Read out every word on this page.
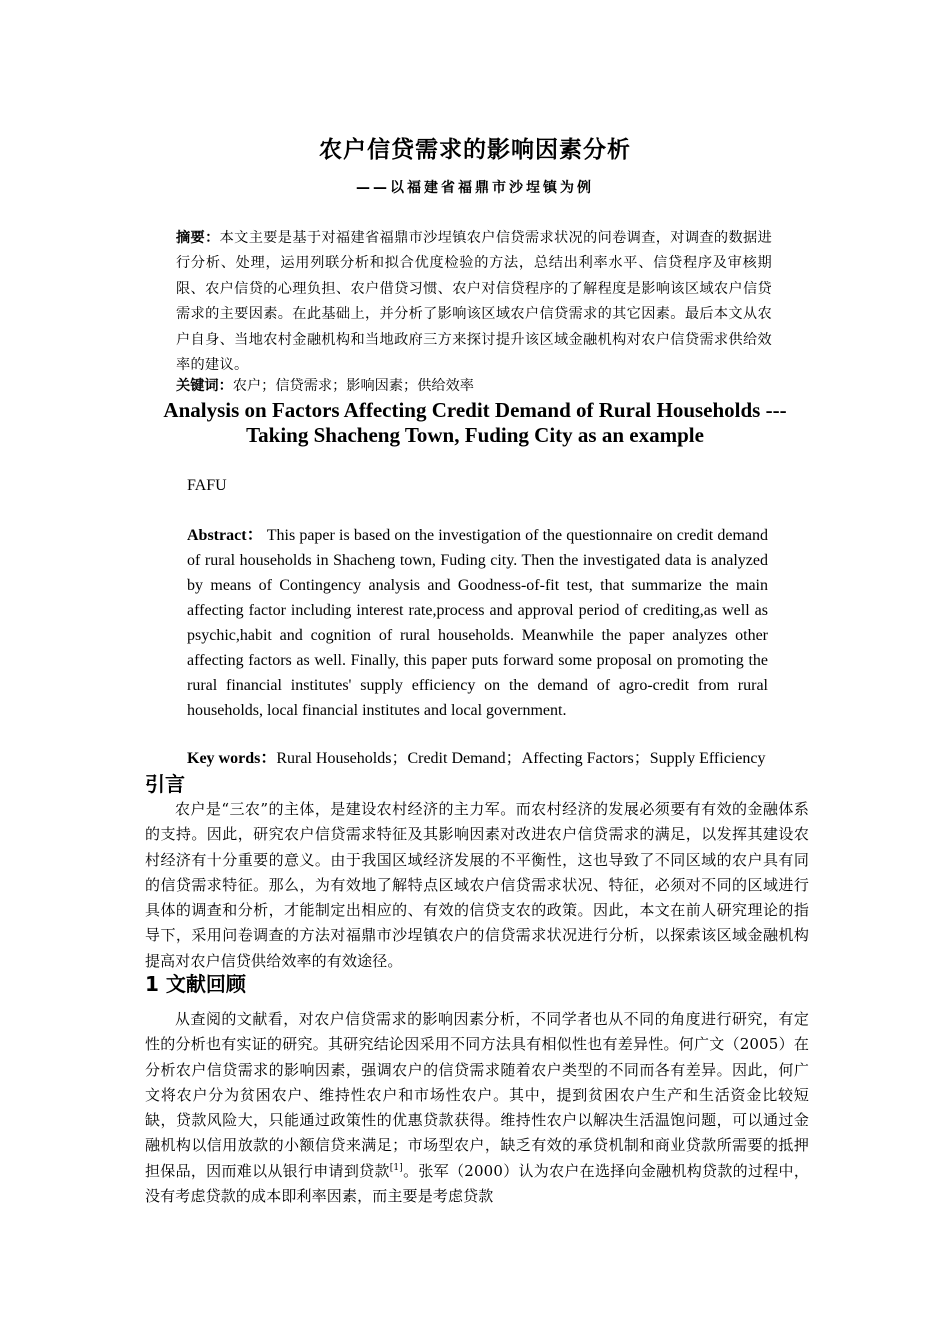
农户信贷需求的影响因素分析
——以福建省福鼎市沙埕镇为例
摘要：本文主要是基于对福建省福鼎市沙埕镇农户信贷需求状况的问卷调查，对调查的数据进行分析、处理，运用列联分析和拟合优度检验的方法，总结出利率水平、信贷程序及审核期限、农户信贷的心理负担、农户借贷习惯、农户对信贷程序的了解程度是影响该区域农户信贷需求的主要因素。在此基础上，并分析了影响该区域农户信贷需求的其它因素。最后本文从农户自身、当地农村金融机构和当地政府三方来探讨提升该区域金融机构对农户信贷需求供给效率的建议。
关键词：农户；信贷需求；影响因素；供给效率
Analysis on Factors Affecting Credit Demand of Rural Households ---Taking Shacheng Town, Fuding City as an example
FAFU
Abstract： This paper is based on the investigation of the questionnaire on credit demand of rural households in Shacheng town, Fuding city. Then the investigated data is analyzed by means of Contingency analysis and Goodness-of-fit test, that summarize the main affecting factor including interest rate,process and approval period of crediting,as well as psychic,habit and cognition of rural households. Meanwhile the paper analyzes other affecting factors as well. Finally, this paper puts forward some proposal on promoting the rural financial institutes' supply efficiency on the demand of agro-credit from rural households, local financial institutes and local government.
Key words：Rural Households；Credit Demand；Affecting Factors；Supply Efficiency
引言
农户是“三农”的主体，是建设农村经济的主力军。而农村经济的发展必须要有有效的金融体系的支持。因此，研究农户信贷需求特征及其影响因素对改进农户信贷需求的满足，以发挥其建设农村经济有十分重要的意义。由于我国区域经济发展的不平衡性，这也导致了不同区域的农户具有同的信贷需求特征。那么，为有效地了解特点区域农户信贷需求状况、特征，必须对不同的区域进行具体的调查和分析，才能制定出相应的、有效的信贷支农的政策。因此，本文在前人研究理论的指导下，采用问卷调查的方法对福鼎市沙埕镇农户的信贷需求状况进行分析，以探索该区域金融机构提高对农户信贷供给效率的有效途径。
1 文献回顾
从查阅的文献看，对农户信贷需求的影响因素分析，不同学者也从不同的角度进行研究，有定性的分析也有实证的研究。其研究结论因采用不同方法具有相似性也有差异性。何广文（2005）在分析农户信贷需求的影响因素，强调农户的信贷需求随着农户类型的不同而各有差异。因此，何广文将农户分为贫困农户、维持性农户和市场性农户。其中，提到贫困农户生产和生活资金比较短缺，贷款风险大，只能通过政策性的优惠贷款获得。维持性农户以解决生活温饱问题，可以通过金融机构以信用放款的小额信贷来满足；市场型农户，缺乏有效的承贷机制和商业贷款所需要的抵押担保品，因而难以从银行申请到贷款[1]。张军（2000）认为农户在选择向金融机构贷款的过程中，没有考虑贷款的成本即利率因素，而主要是考虑贷款
